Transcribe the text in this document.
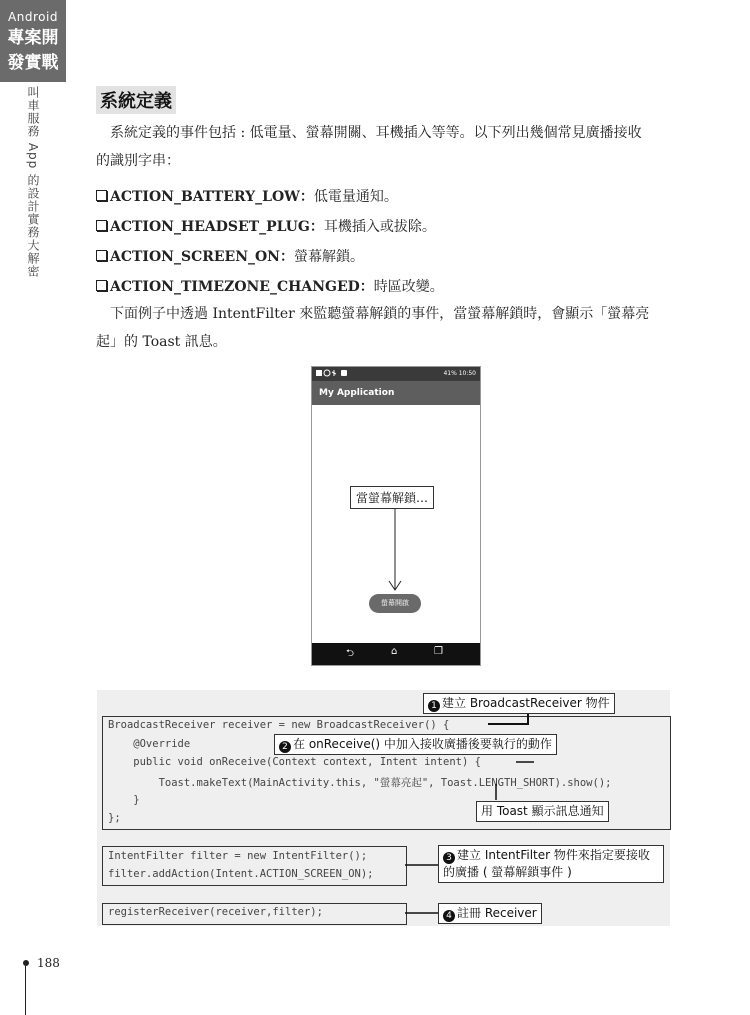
Android
專案開
發實戰
叫車服務 App 的設計實務大解密	系統定義

系統定義的事件包括 : 低電量、螢幕開關、耳機插入等等。以下列出幾個常見廣播接收

的識別字串：

ACTION_BATTERY_LOW：低電量通知。
ACTION_HEADSET_PLUG：耳機插入或拔除。
ACTION_SCREEN_ON：螢幕解鎖。
ACTION_TIMEZONE_CHANGED：時區改變。

下面例子中透過 IntentFilter 來監聽螢幕解鎖的事件，當螢幕解鎖時，會顯示「螢幕亮

起」的 Toast 訊息。

41% 10:50
My Application
螢幕開啟
⮌	⌂	❐
當螢幕解鎖…
BroadcastReceiver receiver = new BroadcastReceiver() {
@Override
public void onReceive(Context context, Intent intent) {
Toast.makeText(MainActivity.this, "螢幕亮起", Toast.LENGTH_SHORT).show();
}
};
IntentFilter filter = new IntentFilter();
filter.addAction(Intent.ACTION_SCREEN_ON);
registerReceiver(receiver,filter);
1 建立 BroadcastReceiver 物件
2 在 onReceive() 中加入接收廣播後要執行的動作
用 Toast 顯示訊息通知
3 建立 IntentFilter 物件來指定要接收
的廣播 ( 螢幕解鎖事件 )
4 註冊 Receiver
188
